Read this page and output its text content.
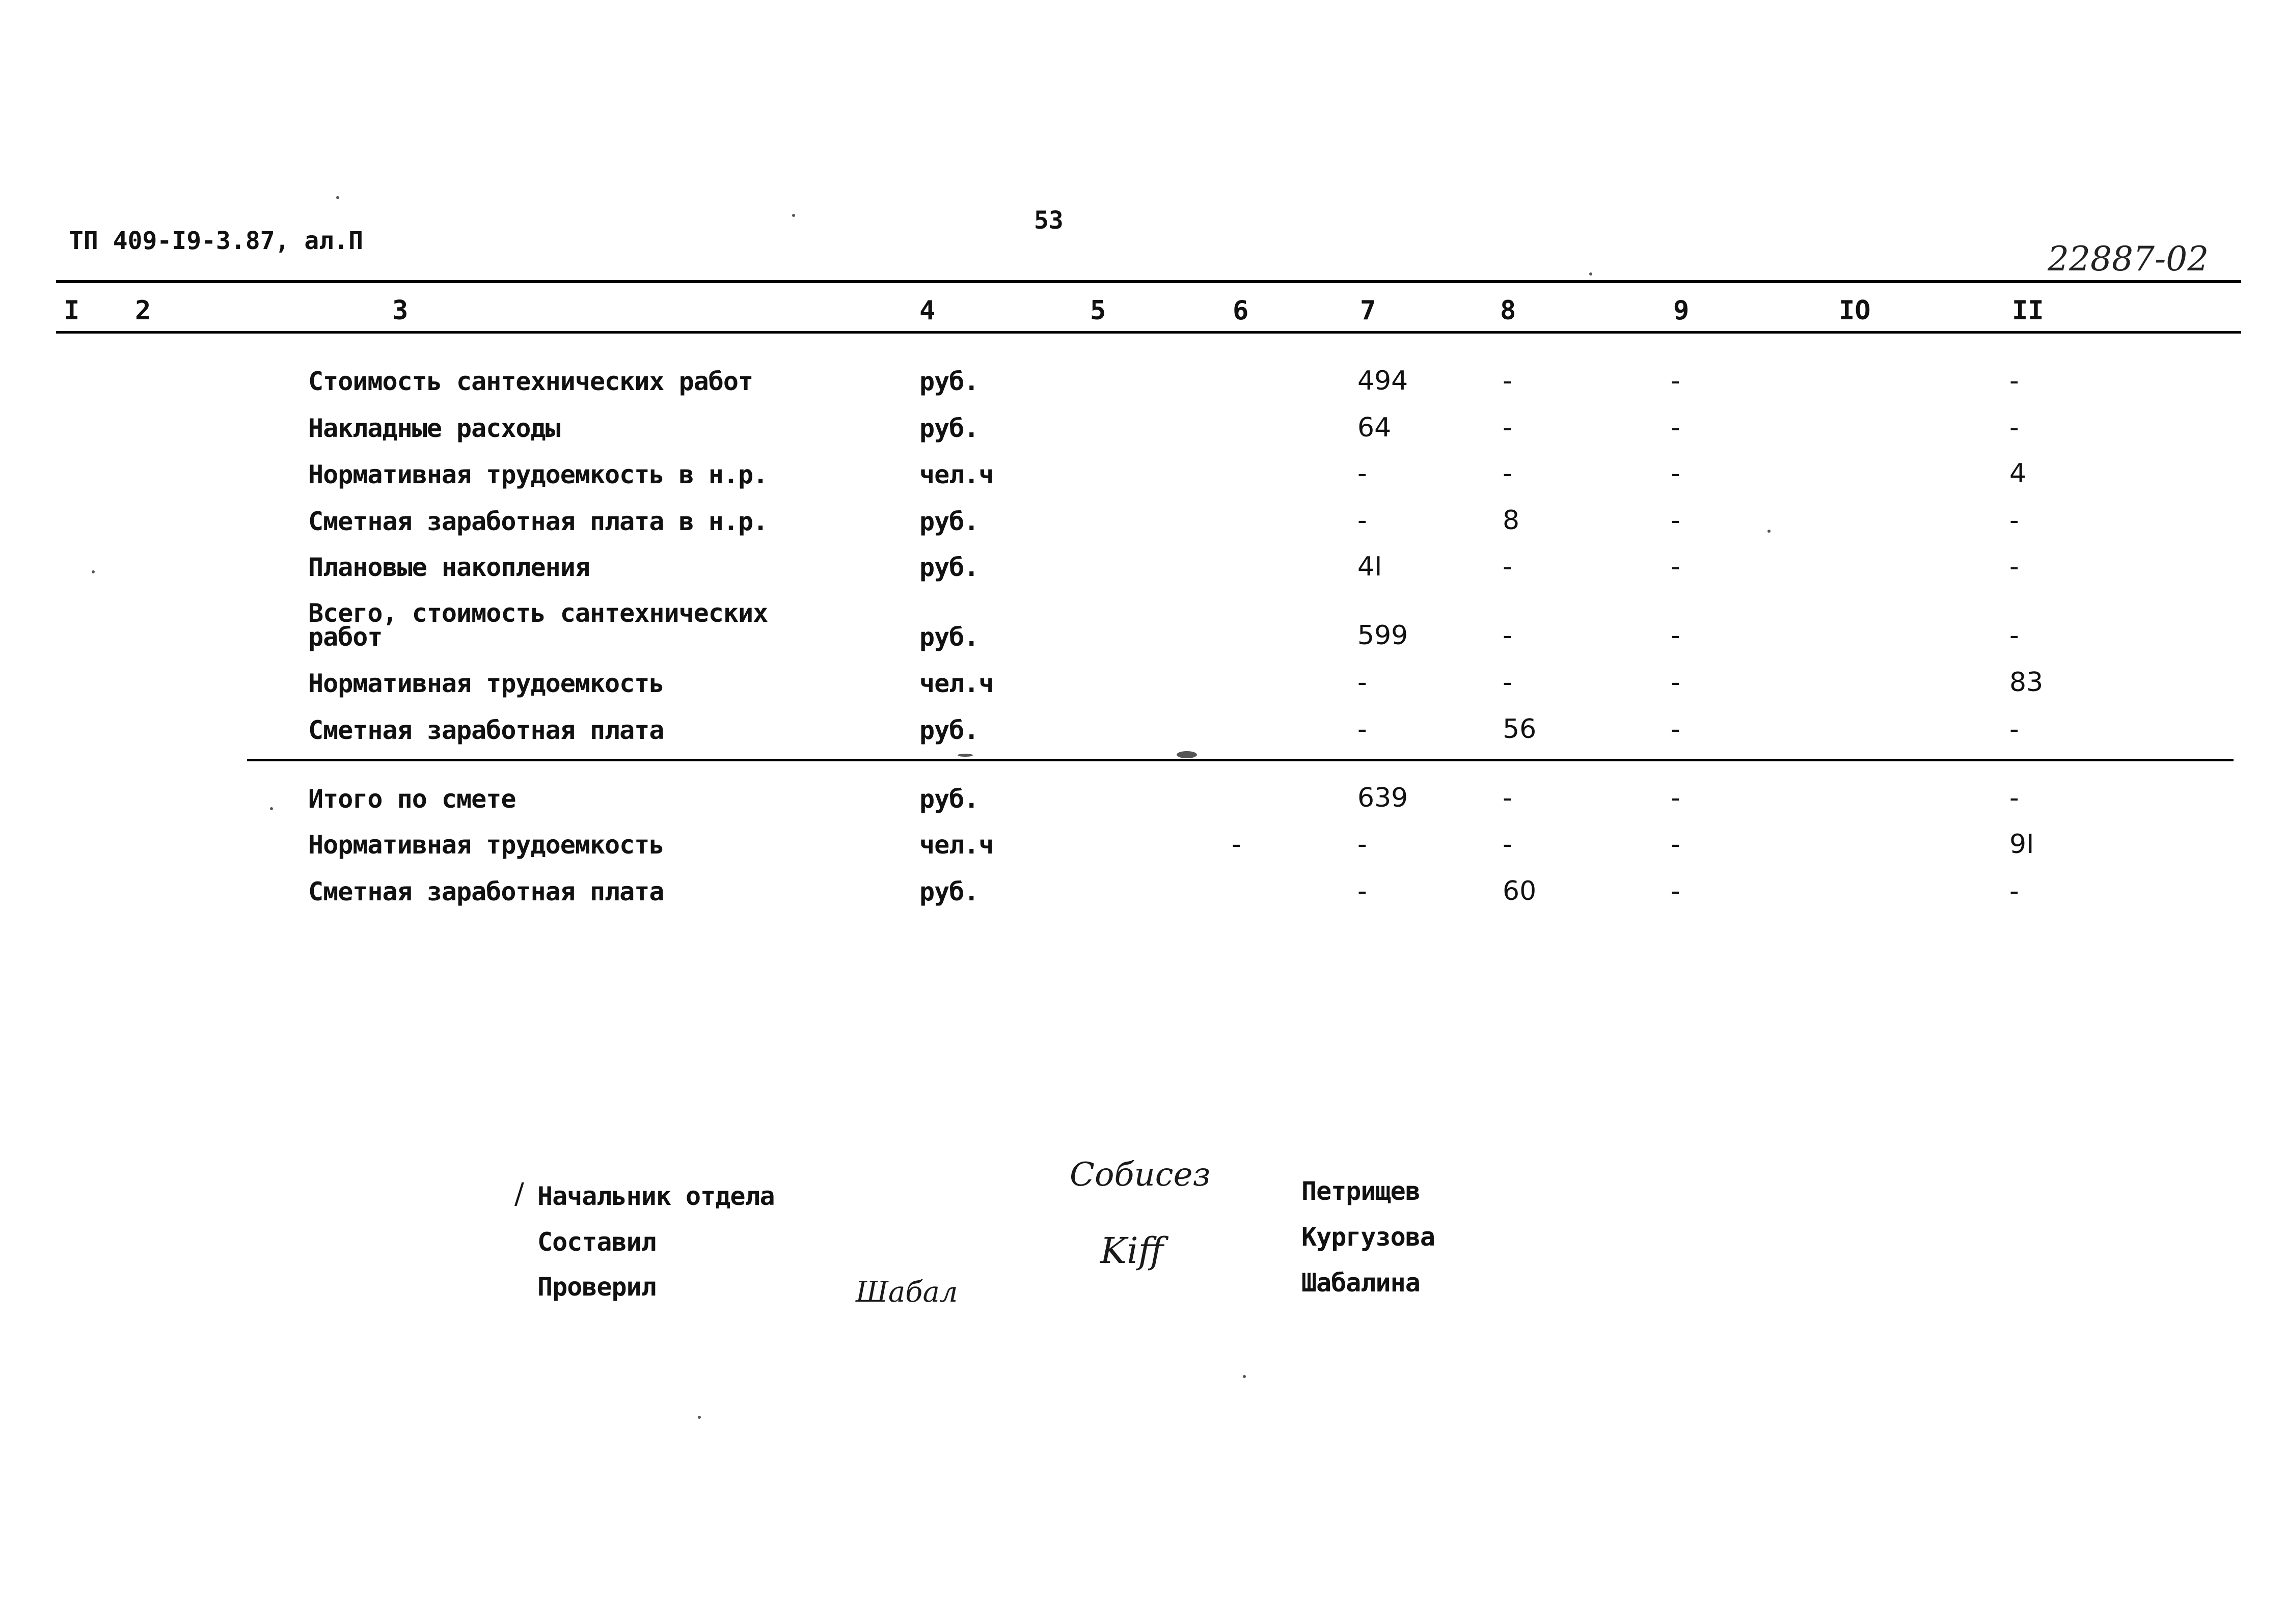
ТП 409-I9-3.87, ал.П
53
22887-02
I 2	3	4	5	6	7	8	9	IO	II
Стоимость сантехнических работ	руб.	494	-	-	-
Накладные расходы	руб.	64	-	-	-
Нормативная трудоемкость в н.р.	чел.ч	-	-	-	4
Сметная заработная плата в н.р.	руб.	-	8	-	-
Плановые накопления	руб.	4I	-	-	-
Всего, стоимость сантехнических
работ	руб.	599	-	-	-
Нормативная трудоемкость	чел.ч	-	-	-	83
Сметная заработная плата	руб.	-	56	-	-
Итого по смете	руб.	639	-	-	-
Нормативная трудоемкость	чел.ч	-	-	-	-	9I
Сметная заработная плата	руб.	-	60	-	-
/ Начальник отдела
Собисез	Петрищев
Составил	Kiff	Кургузова
Проверил	Шабал	Шабалина
